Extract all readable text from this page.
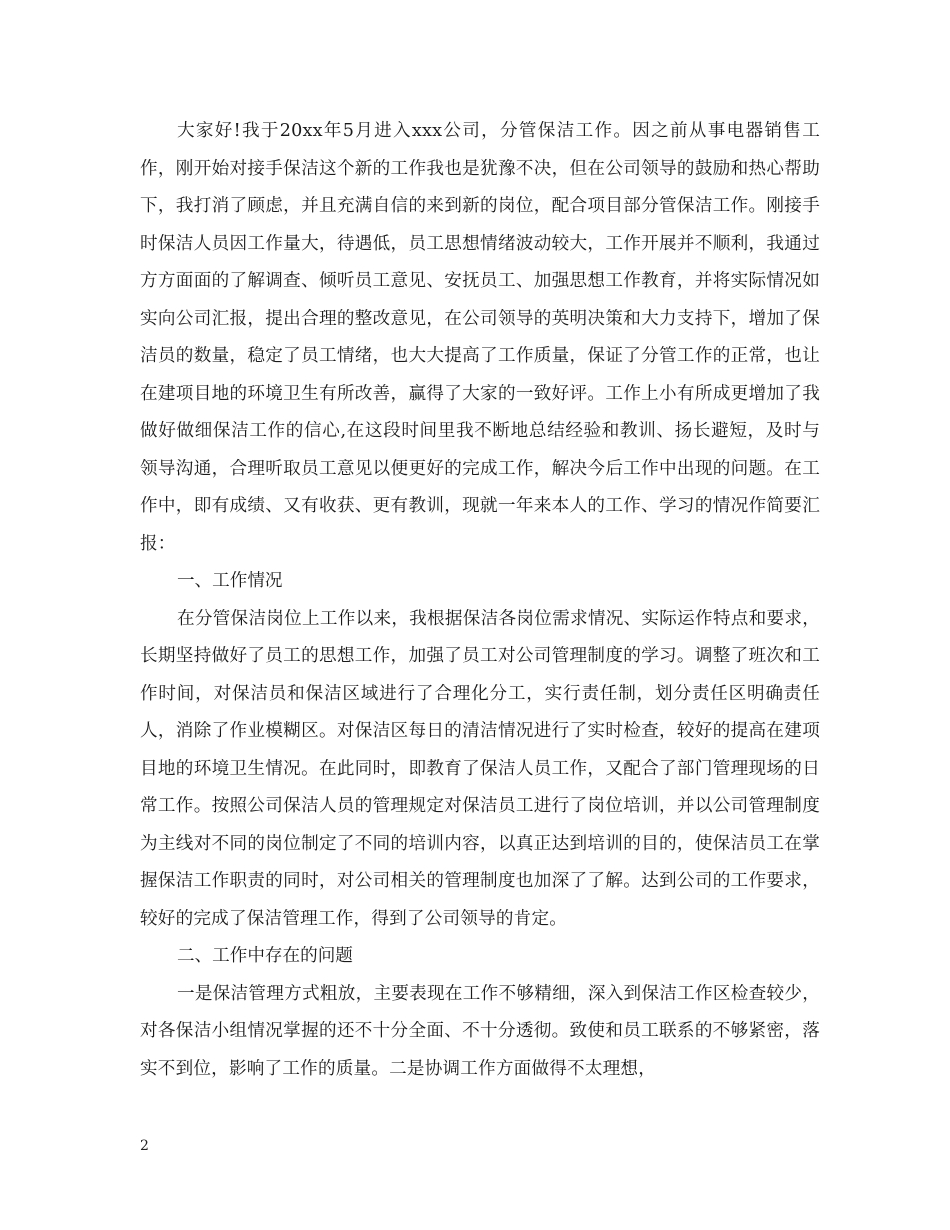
大家好!我于20xx年5月进入xxx公司，分管保洁工作。因之前从事电器销售工作，刚开始对接手保洁这个新的工作我也是犹豫不决，但在公司领导的鼓励和热心帮助下，我打消了顾虑，并且充满自信的来到新的岗位，配合项目部分管保洁工作。刚接手时保洁人员因工作量大，待遇低，员工思想情绪波动较大，工作开展并不顺利，我通过方方面面的了解调查、倾听员工意见、安抚员工、加强思想工作教育，并将实际情况如实向公司汇报，提出合理的整改意见，在公司领导的英明决策和大力支持下，增加了保洁员的数量，稳定了员工情绪，也大大提高了工作质量，保证了分管工作的正常，也让在建项目地的环境卫生有所改善，赢得了大家的一致好评。工作上小有所成更增加了我做好做细保洁工作的信心,在这段时间里我不断地总结经验和教训、扬长避短，及时与领导沟通，合理听取员工意见以便更好的完成工作，解决今后工作中出现的问题。在工作中，即有成绩、又有收获、更有教训，现就一年来本人的工作、学习的情况作简要汇报：

一、工作情况

在分管保洁岗位上工作以来，我根据保洁各岗位需求情况、实际运作特点和要求，长期坚持做好了员工的思想工作，加强了员工对公司管理制度的学习。调整了班次和工作时间，对保洁员和保洁区域进行了合理化分工，实行责任制，划分责任区明确责任人，消除了作业模糊区。对保洁区每日的清洁情况进行了实时检查，较好的提高在建项目地的环境卫生情况。在此同时，即教育了保洁人员工作，又配合了部门管理现场的日常工作。按照公司保洁人员的管理规定对保洁员工进行了岗位培训，并以公司管理制度为主线对不同的岗位制定了不同的培训内容，以真正达到培训的目的，使保洁员工在掌握保洁工作职责的同时，对公司相关的管理制度也加深了了解。达到公司的工作要求，较好的完成了保洁管理工作，得到了公司领导的肯定。

二、工作中存在的问题

一是保洁管理方式粗放，主要表现在工作不够精细，深入到保洁工作区检查较少，对各保洁小组情况掌握的还不十分全面、不十分透彻。致使和员工联系的不够紧密，落实不到位，影响了工作的质量。二是协调工作方面做得不太理想，

2
